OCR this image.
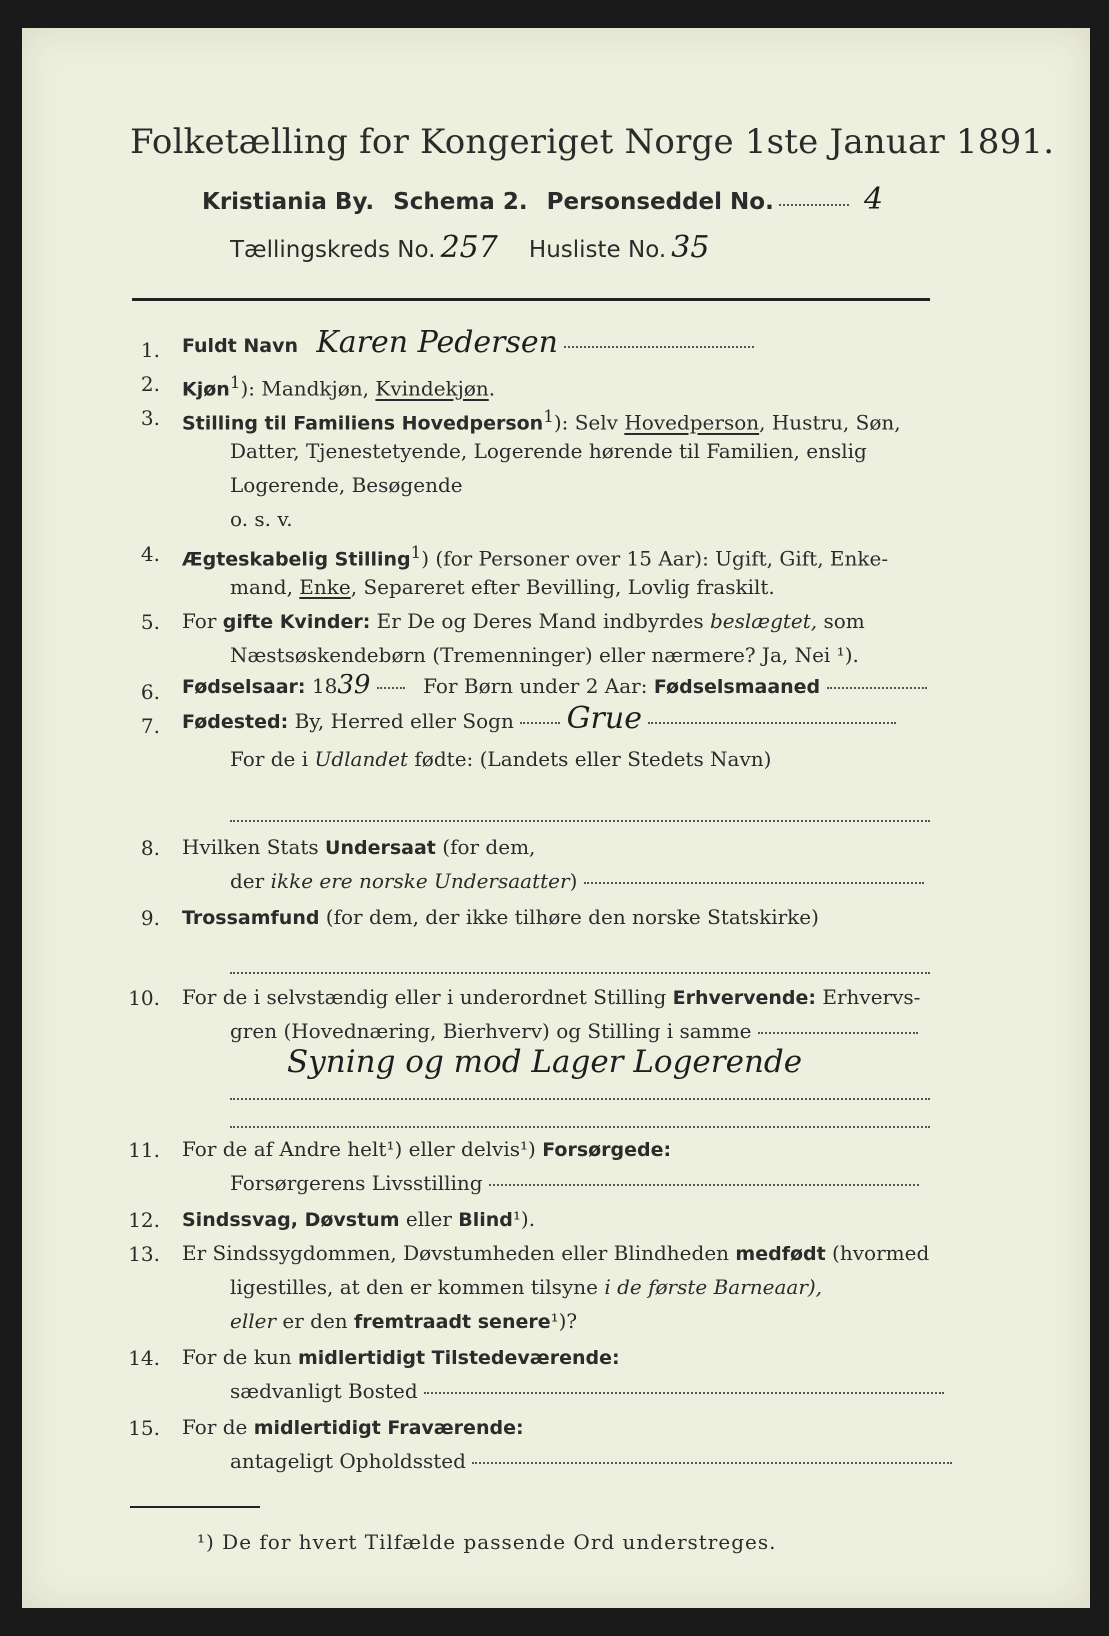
Folketælling for Kongeriget Norge 1ste Januar 1891.
Kristiania By. Schema 2. Personseddel No.	4
Tællingskreds No. 257 Husliste No. 35
1. Fuldt Navn Karen Pedersen
2. Kjøn$^1$): Mandkjøn, Kvindekjøn.
3. Stilling til Familiens Hovedperson$^1$): Selv Hovedperson, Hustru, Søn,
Datter, Tjenestetyende, Logerende hørende til Familien, enslig
Logerende, Besøgende
o. s. v.
4. Ægteskabelig Stilling$^1$) (for Personer over 15 Aar): Ugift, Gift, Enke-
mand, Enke, Separeret efter Bevilling, Lovlig fraskilt.
5. For gifte Kvinder: Er De og Deres Mand indbyrdes beslægtet, som
Næstsøskendebørn (Tremenninger) eller nærmere? Ja, Nei ¹).
6. Fødselsaar: 1839	For Børn under 2 Aar: Fødselsmaaned
7. Fødested: By, Herred eller Sogn Grue
For de i Udlandet fødte: (Landets eller Stedets Navn)
8. Hvilken Stats Undersaat (for dem,
der ikke ere norske Undersaatter)
9. Trossamfund (for dem, der ikke tilhøre den norske Statskirke)
10. For de i selvstændig eller i underordnet Stilling Erhvervende: Erhvervs-
gren (Hovednæring, Bierhverv) og Stilling i samme
Syning og mod Lager Logerende
11. For de af Andre helt¹) eller delvis¹) Forsørgede:
Forsørgerens Livsstilling
12. Sindssvag, Døvstum eller Blind¹).
13. Er Sindssygdommen, Døvstumheden eller Blindheden medfødt (hvormed
ligestilles, at den er kommen tilsyne i de første Barneaar),
eller er den fremtraadt senere¹)?
14. For de kun midlertidigt Tilstedeværende:
sædvanligt Bosted
15. For de midlertidigt Fraværende:
antageligt Opholdssted
¹) De for hvert Tilfælde passende Ord understreges.
